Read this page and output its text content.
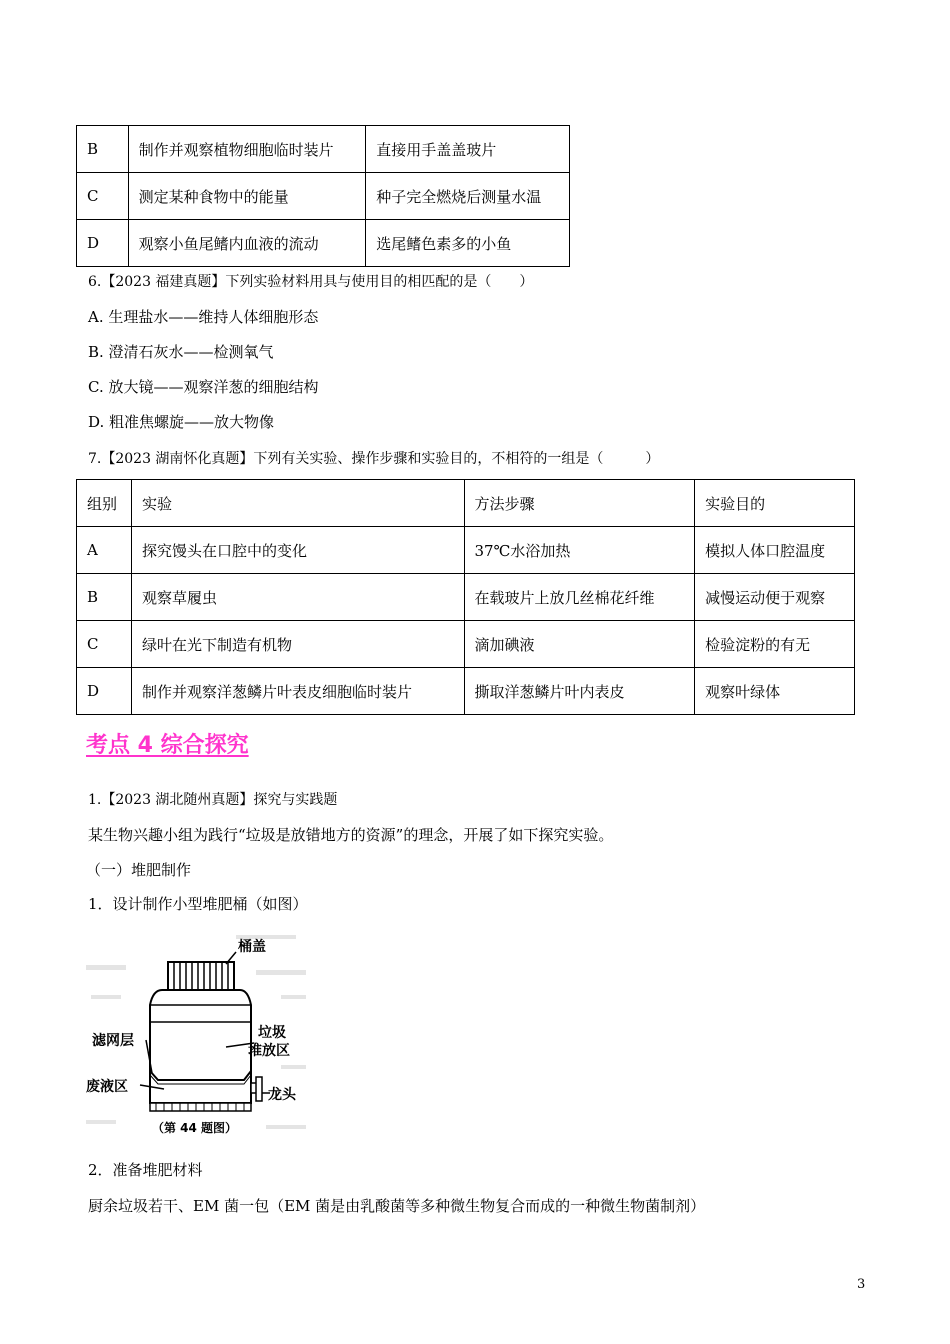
B	制作并观察植物细胞临时装片	直接用手盖盖玻片
C	测定某种食物中的能量	种子完全燃烧后测量水温
D	观察小鱼尾鳍内血液的流动	选尾鳍色素多的小鱼
6.【2023 福建真题】下列实验材料用具与使用目的相匹配的是（　　）
A. 生理盐水——维持人体细胞形态
B. 澄清石灰水——检测氧气
C. 放大镜——观察洋葱的细胞结构
D. 粗准焦螺旋——放大物像
7.【2023 湖南怀化真题】下列有关实验、操作步骤和实验目的，不相符的一组是（　　　）
组别	实验	方法步骤	实验目的
A	探究馒头在口腔中的变化	37℃水浴加热	模拟人体口腔温度
B	观察草履虫	在载玻片上放几丝棉花纤维	减慢运动便于观察
C	绿叶在光下制造有机物	滴加碘液	检验淀粉的有无
D	制作并观察洋葱鳞片叶表皮细胞临时装片	撕取洋葱鳞片叶内表皮	观察叶绿体
考点 4 综合探究
1.【2023 湖北随州真题】探究与实践题
某生物兴趣小组为践行“垃圾是放错地方的资源”的理念，开展了如下探究实验。
（一）堆肥制作
1．设计制作小型堆肥桶（如图）
桶盖
滤网层	垃圾
堆放区
废液区	龙头
（第 44 题图）
2．准备堆肥材料
厨余垃圾若干、EM 菌一包（EM 菌是由乳酸菌等多种微生物复合而成的一种微生物菌制剂）
3
